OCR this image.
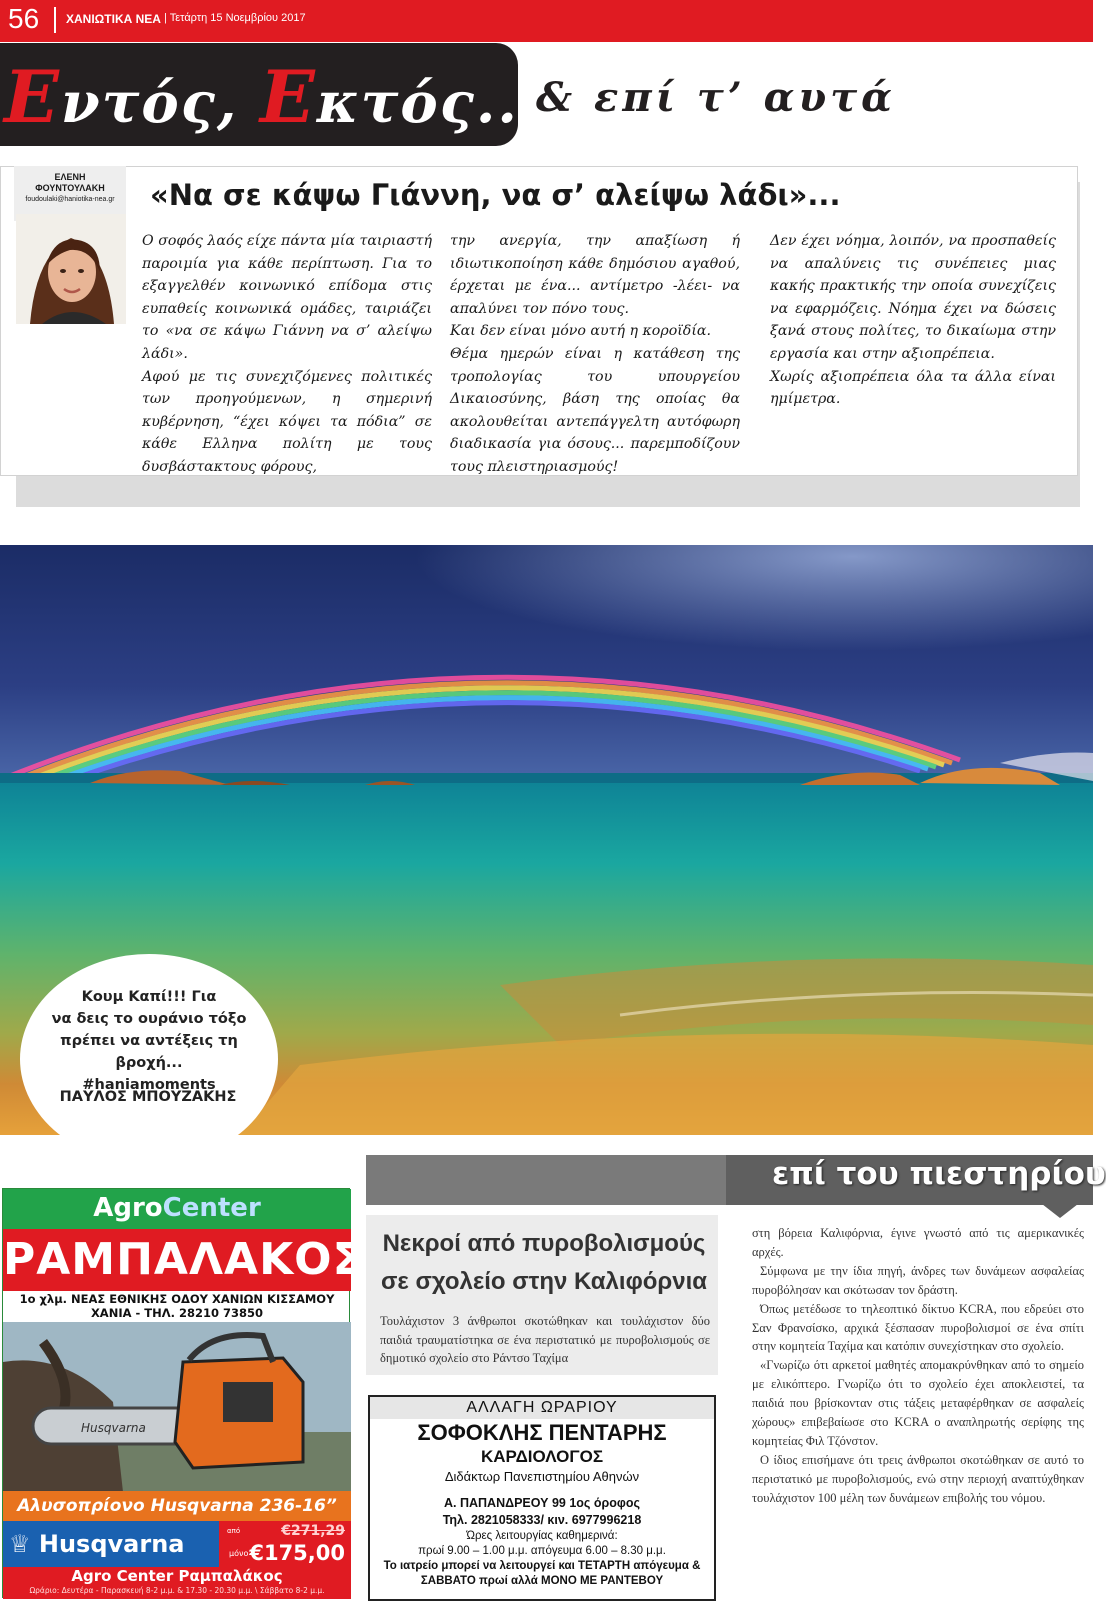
56 ΧΑΝΙΩΤΙΚΑ ΝΕΑ | Τετάρτη 15 Νοεμβρίου 2017
Εντός, Εκτός...
& επί τ’ αυτά
ΕΛΕΝΗ ΦΟΥΝΤΟΥΛΑΚΗ
foudoulaki@haniotika-nea.gr	«Να σε κάψω Γιάννη, να σ’ αλείψω λάδι»...

Ο σοφός λαός είχε πάντα μία ταιριαστή παροιμία για κάθε περίπτωση. Για το εξαγγελθέν κοινωνικό επίδομα στις ευπαθείς κοινωνικά ομάδες, ταιριάζει το «να σε κάψω Γιάννη να σ’ αλείψω λάδι».

Αφού με τις συνεχιζόμενες πολιτικές των προηγούμενων, η σημερινή κυβέρνηση, “έχει κόψει τα πόδια” σε κάθε Ελληνα πολίτη με τους δυσβάστακτους φόρους,

την ανεργία, την απαξίωση ή ιδιωτικοποίηση κάθε δημόσιου αγαθού, έρχεται με ένα... αντίμετρο -λέει- να απαλύνει τον πόνο τους.

Και δεν είναι μόνο αυτή η κοροϊδία.

Θέμα ημερών είναι η κατάθεση της τροπολογίας του υπουργείου Δικαιοσύνης, βάση της οποίας θα ακολουθείται αντεπάγγελτη αυτόφωρη διαδικασία για όσους... παρεμποδίζουν τους πλειστηριασμούς!

Δεν έχει νόημα, λοιπόν, να προσπαθείς να απαλύνεις τις συνέπειες μιας κακής πρακτικής την οποία συνεχίζεις να εφαρμόζεις. Νόημα έχει να δώσεις ξανά στους πολίτες, το δικαίωμα στην εργασία και στην αξιοπρέπεια.

Χωρίς αξιοπρέπεια όλα τα άλλα είναι ημίμετρα.

Κουμ Καπί!!! Για
να δεις το ουράνιο τόξο
πρέπει να αντέξεις τη
βροχή...
#haniamoments
ΠΑΥΛΟΣ ΜΠΟΥΖΑΚΗΣ
AgroCenter
ΡΑΜΠΑΛΑΚΟΣ
1ο χλμ. ΝΕΑΣ ΕΘΝΙΚΗΣ ΟΔΟΥ ΧΑΝΙΩΝ ΚΙΣΣΑΜΟΥ
ΧΑΝΙΑ - ΤΗΛ. 28210 73850
Husqvarna
Αλυσοπρίονο Husqvarna 236-16”
♕ Husqvarna	από	€271,29
μόνο €175,00
Agro Center Ραμπαλάκος
Ωράριο: Δευτέρα - Παρασκευή 8-2 μ.μ. & 17.30 - 20.30 μ.μ. \ Σάββατο 8-2 μ.μ.
επί του πιεστηρίου
Νεκροί από πυροβολισμούς
σε σχολείο στην Καλιφόρνια

Τουλάχιστον 3 άνθρωποι σκοτώθηκαν και τουλάχιστον δύο παιδιά τραυματίστηκα σε ένα περιστατικό με πυροβολισμούς σε δημοτικό σχολείο στο Ράντσο Ταχίμα

στη βόρεια Καλιφόρνια, έγινε γνωστό από τις αμερικανικές αρχές.

Σύμφωνα με την ίδια πηγή, άνδρες των δυνάμεων ασφαλείας πυροβόλησαν και σκότωσαν τον δράστη.

Όπως μετέδωσε το τηλεοπτικό δίκτυο KCRA, που εδρεύει στο Σαν Φρανσίσκο, αρχικά ξέσπασαν πυροβολισμοί σε ένα σπίτι στην κομητεία Ταχίμα και κατόπιν συνεχίστηκαν στο σχολείο.

«Γνωρίζω ότι αρκετοί μαθητές απομακρύνθηκαν από το σημείο με ελικόπτερο. Γνωρίζω ότι το σχολείο έχει αποκλειστεί, τα παιδιά που βρίσκονταν στις τάξεις μεταφέρθηκαν σε ασφαλείς χώρους» επιβεβαίωσε στο KCRA ο αναπληρωτής σερίφης της κομητείας Φιλ Τζόνστον.

Ο ίδιος επισήμανε ότι τρεις άνθρωποι σκοτώθηκαν σε αυτό το περιστατικό με πυροβολισμούς, ενώ στην περιοχή αναπτύχθηκαν τουλάχιστον 100 μέλη των δυνάμεων επιβολής του νόμου.

ΑΛΛΑΓΗ ΩΡΑΡΙΟΥ
ΣΟΦΟΚΛΗΣ ΠΕΝΤΑΡΗΣ
ΚΑΡΔΙΟΛΟΓΟΣ
Διδάκτωρ Πανεπιστημίου Αθηνών
Α. ΠΑΠΑΝΔΡΕΟΥ 99 1ος όροφος
Τηλ. 2821058333/ κιν. 6977996218
Ώρες λειτουργίας καθημερινά:
πρωί 9.00 – 1.00 μ.μ. απόγευμα 6.00 – 8.30 μ.μ.
Το ιατρείο μπορεί να λειτουργεί και ΤΕΤΑΡΤΗ απόγευμα &
ΣΑΒΒΑΤΟ πρωί αλλά ΜΟΝΟ ΜΕ ΡΑΝΤΕΒΟΥ
